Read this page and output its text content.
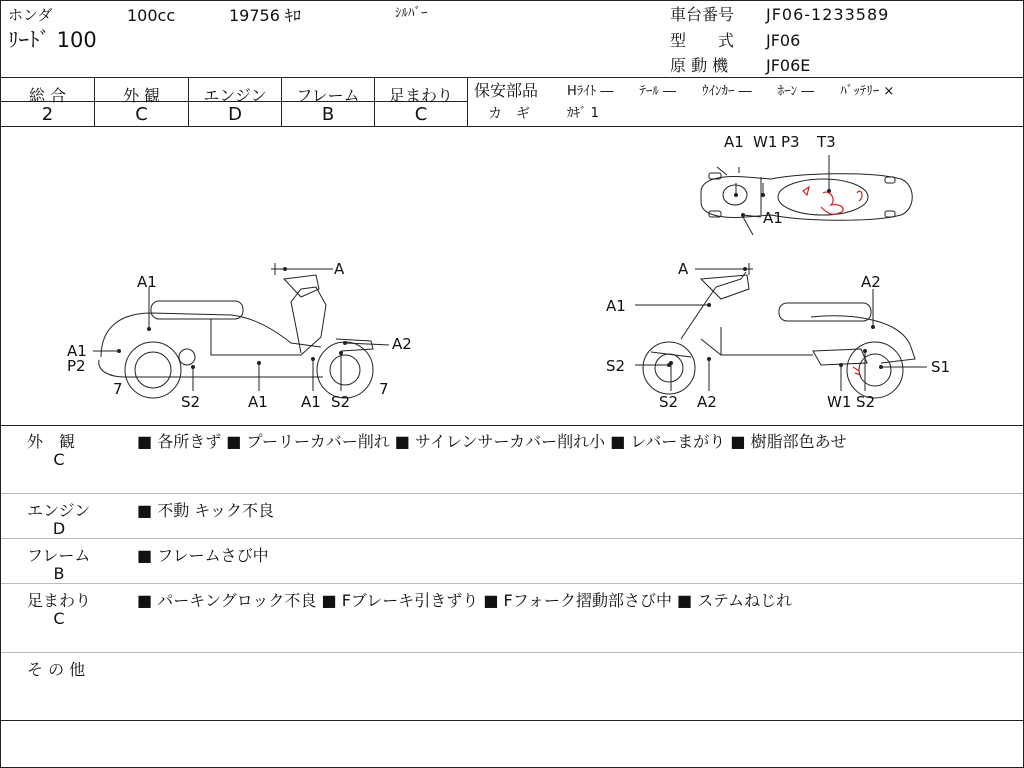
ホンダ	100cc	19756 ｷﾛ	ｼﾙﾊﾞｰ
ﾘｰﾄﾞ 100
車台番号 JF06-1233589
型　　式 JF06
原 動 機 JF06E
総 合	外 観	エンジン	フレーム	足まわり
2	C	D	B	C
保安部品 Hﾗｲﾄ ―　　ﾃｰﾙ ―　　ｳｲﾝｶｰ ―　　ﾎｰﾝ ―　　ﾊﾞｯﾃﾘｰ ×
カ　ギ	ｶｷﾞ 1
A1 W1 P3 T3
A1
A
A1
A1
P2
A2
7	7
S2	A1 A1 S2
A
A1
A2
S2	S1
S2 A2	W1 S2
外　観
C
■ 各所きず ■ プーリーカバー削れ ■ サイレンサーカバー削れ小 ■ レバーまがり ■ 樹脂部色あせ
エンジン
D
■ 不動 キック不良
フレーム
B
■ フレームさび中
足まわり
C
■ パーキングロック不良 ■ Fブレーキ引きずり ■ Fフォーク摺動部さび中 ■ ステムねじれ
そ の 他
